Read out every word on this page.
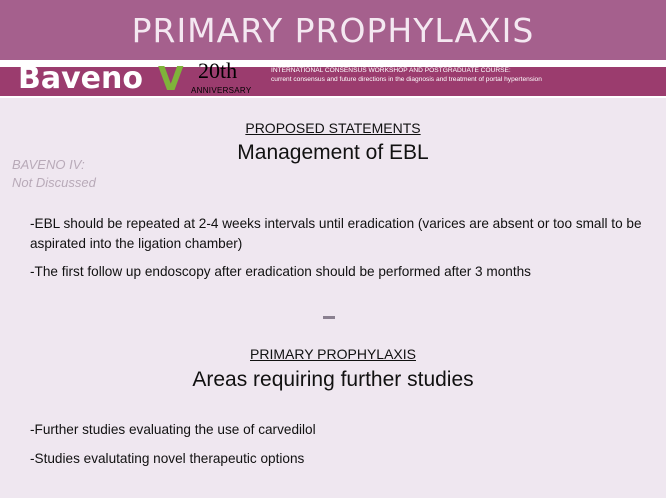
PRIMARY PROPHYLAXIS
Baveno V 20th
ANNIVERSARY
INTERNATIONAL CONSENSUS WORKSHOP AND POSTGRADUATE COURSE:
current consensus and future directions in the diagnosis and treatment of portal hypertension
BAVENO IV:
Not Discussed
PROPOSED STATEMENTS
Management of EBL
-EBL should be repeated at 2-4 weeks intervals until eradication (varices are absent or too small to be aspirated into the ligation chamber)
-The first follow up endoscopy after eradication should be performed after 3 months
PRIMARY PROPHYLAXIS
Areas requiring further studies
-Further studies evaluating the use of carvedilol
-Studies evalutating novel therapeutic options
